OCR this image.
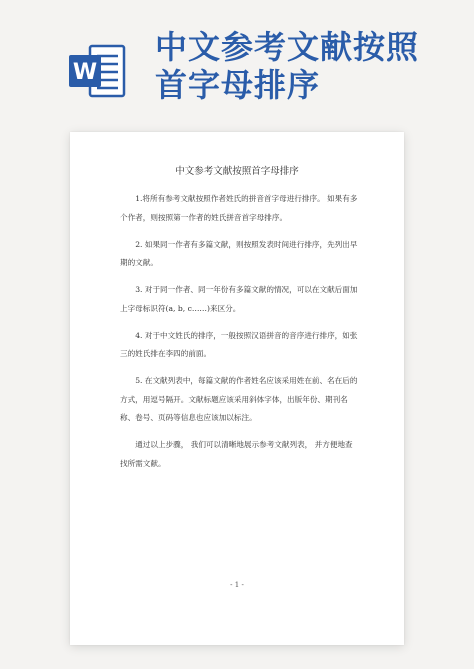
W
中文参考文献按照
首字母排序
中文参考文献按照首字母排序

1.将所有参考文献按照作者姓氏的拼音首字母进行排序。 如果有多个作者，则按照第一作者的姓氏拼音首字母排序。

2. 如果同一作者有多篇文献，则按照发表时间进行排序，先列出早期的文献。

3. 对于同一作者、同一年份有多篇文献的情况，可以在文献后面加上字母标识符(a, b, c……)来区分。

4. 对于中文姓氏的排序，一般按照汉语拼音的音序进行排序，如张三的姓氏排在李四的前面。

5. 在文献列表中，每篇文献的作者姓名应该采用姓在前、名在后的方式，用逗号隔开。文献标题应该采用斜体字体，出版年份、期刊名称、卷号、页码等信息也应该加以标注。

通过以上步骤， 我们可以清晰地展示参考文献列表， 并方便地查找所需文献。

- 1 -
